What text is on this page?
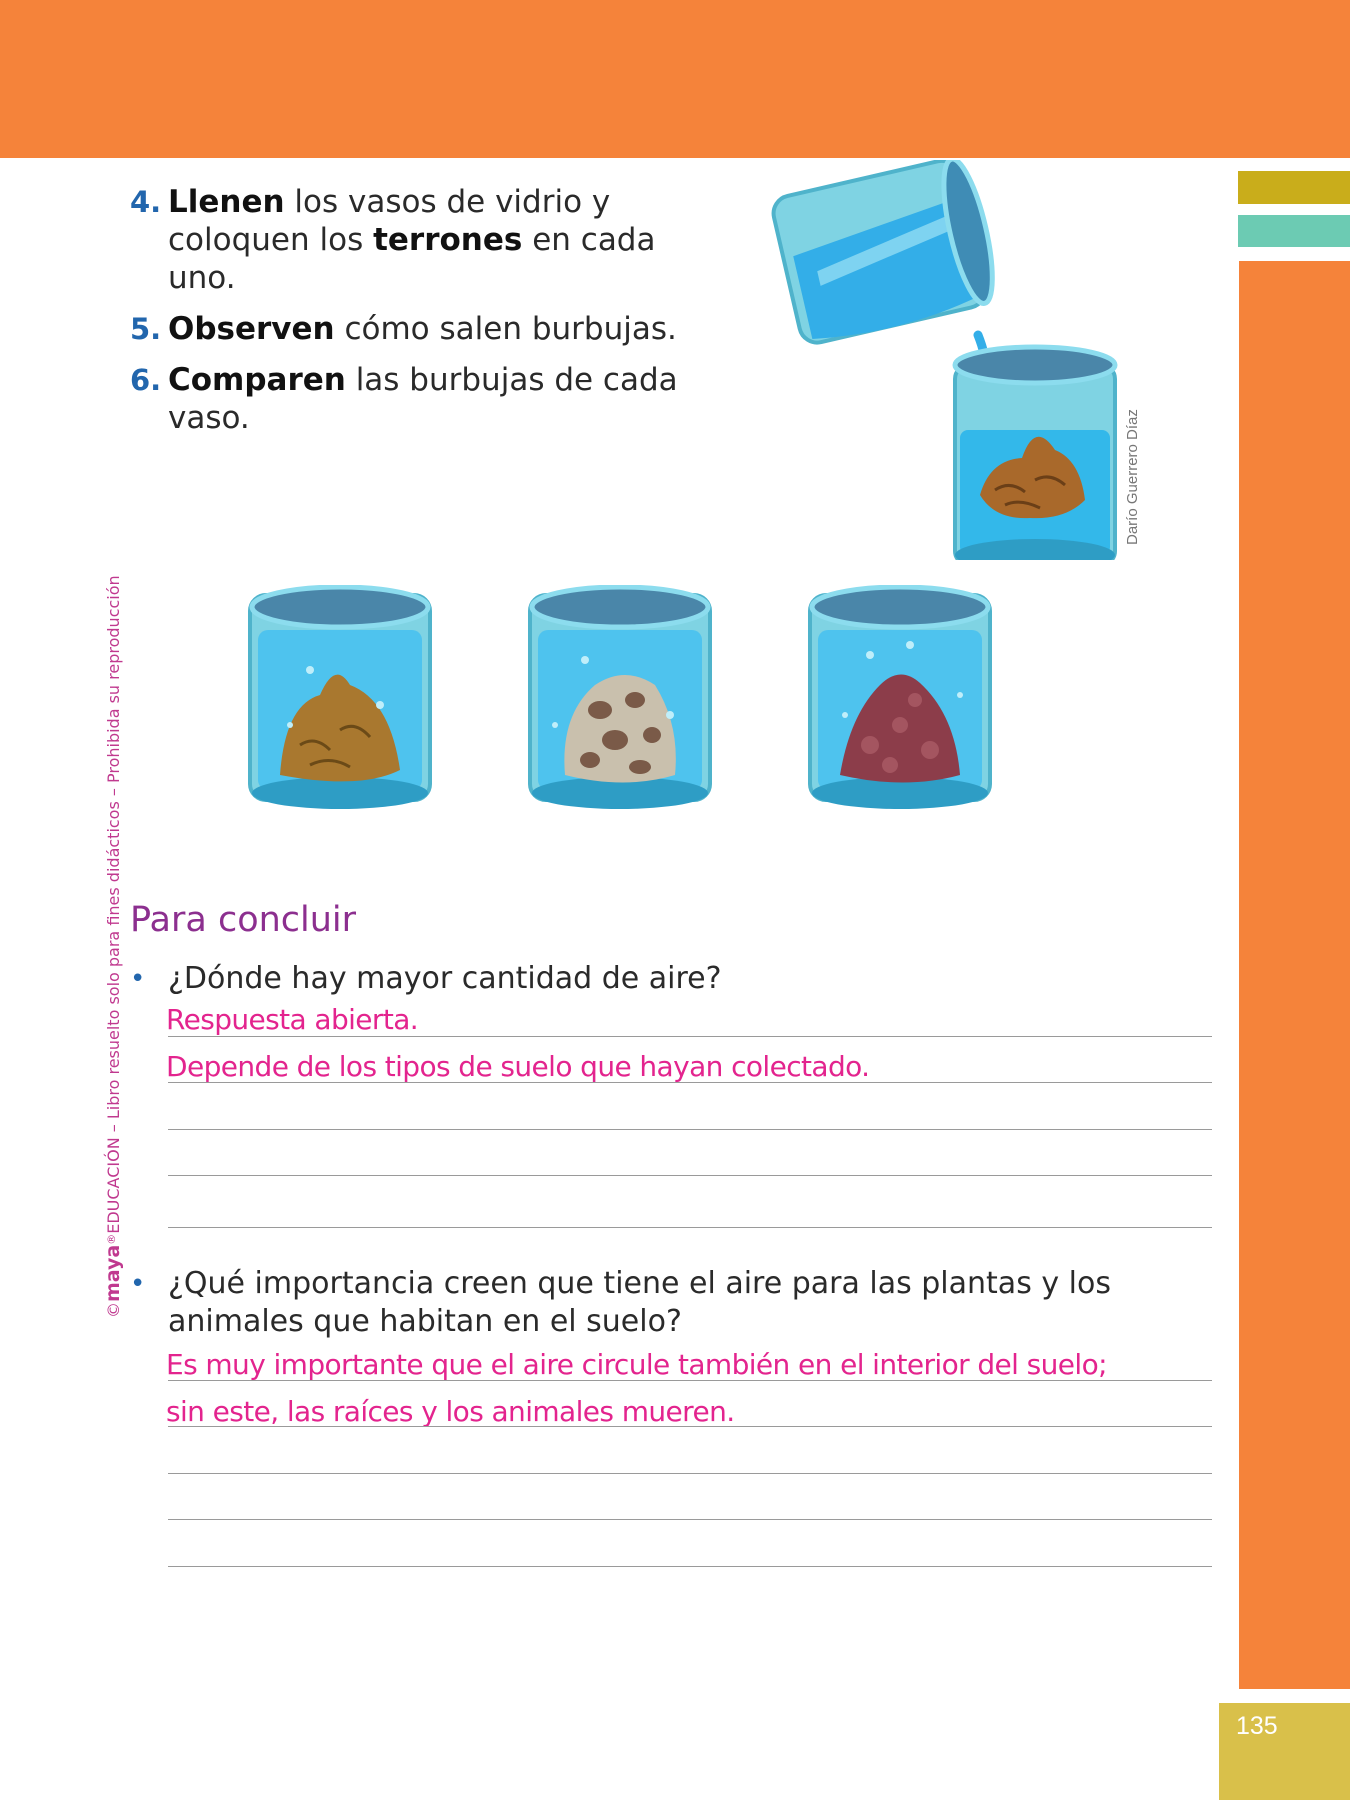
135
©maya®EDUCACIÓN – Libro resuelto solo para fines didácticos – Prohibida su reproducción
4. Llenen los vasos de vidrio y coloquen los terrones en cada uno.
5. Observen cómo salen burbujas.
6. Comparen las burbujas de cada vaso.	Darío Guerrero Díaz
Para concluir
• ¿Dónde hay mayor cantidad de aire?
Respuesta abierta.
Depende de los tipos de suelo que hayan colectado.
• ¿Qué importancia creen que tiene el aire para las plantas y los animales que habitan en el suelo?
Es muy importante que el aire circule también en el interior del suelo;
sin este, las raíces y los animales mueren.
